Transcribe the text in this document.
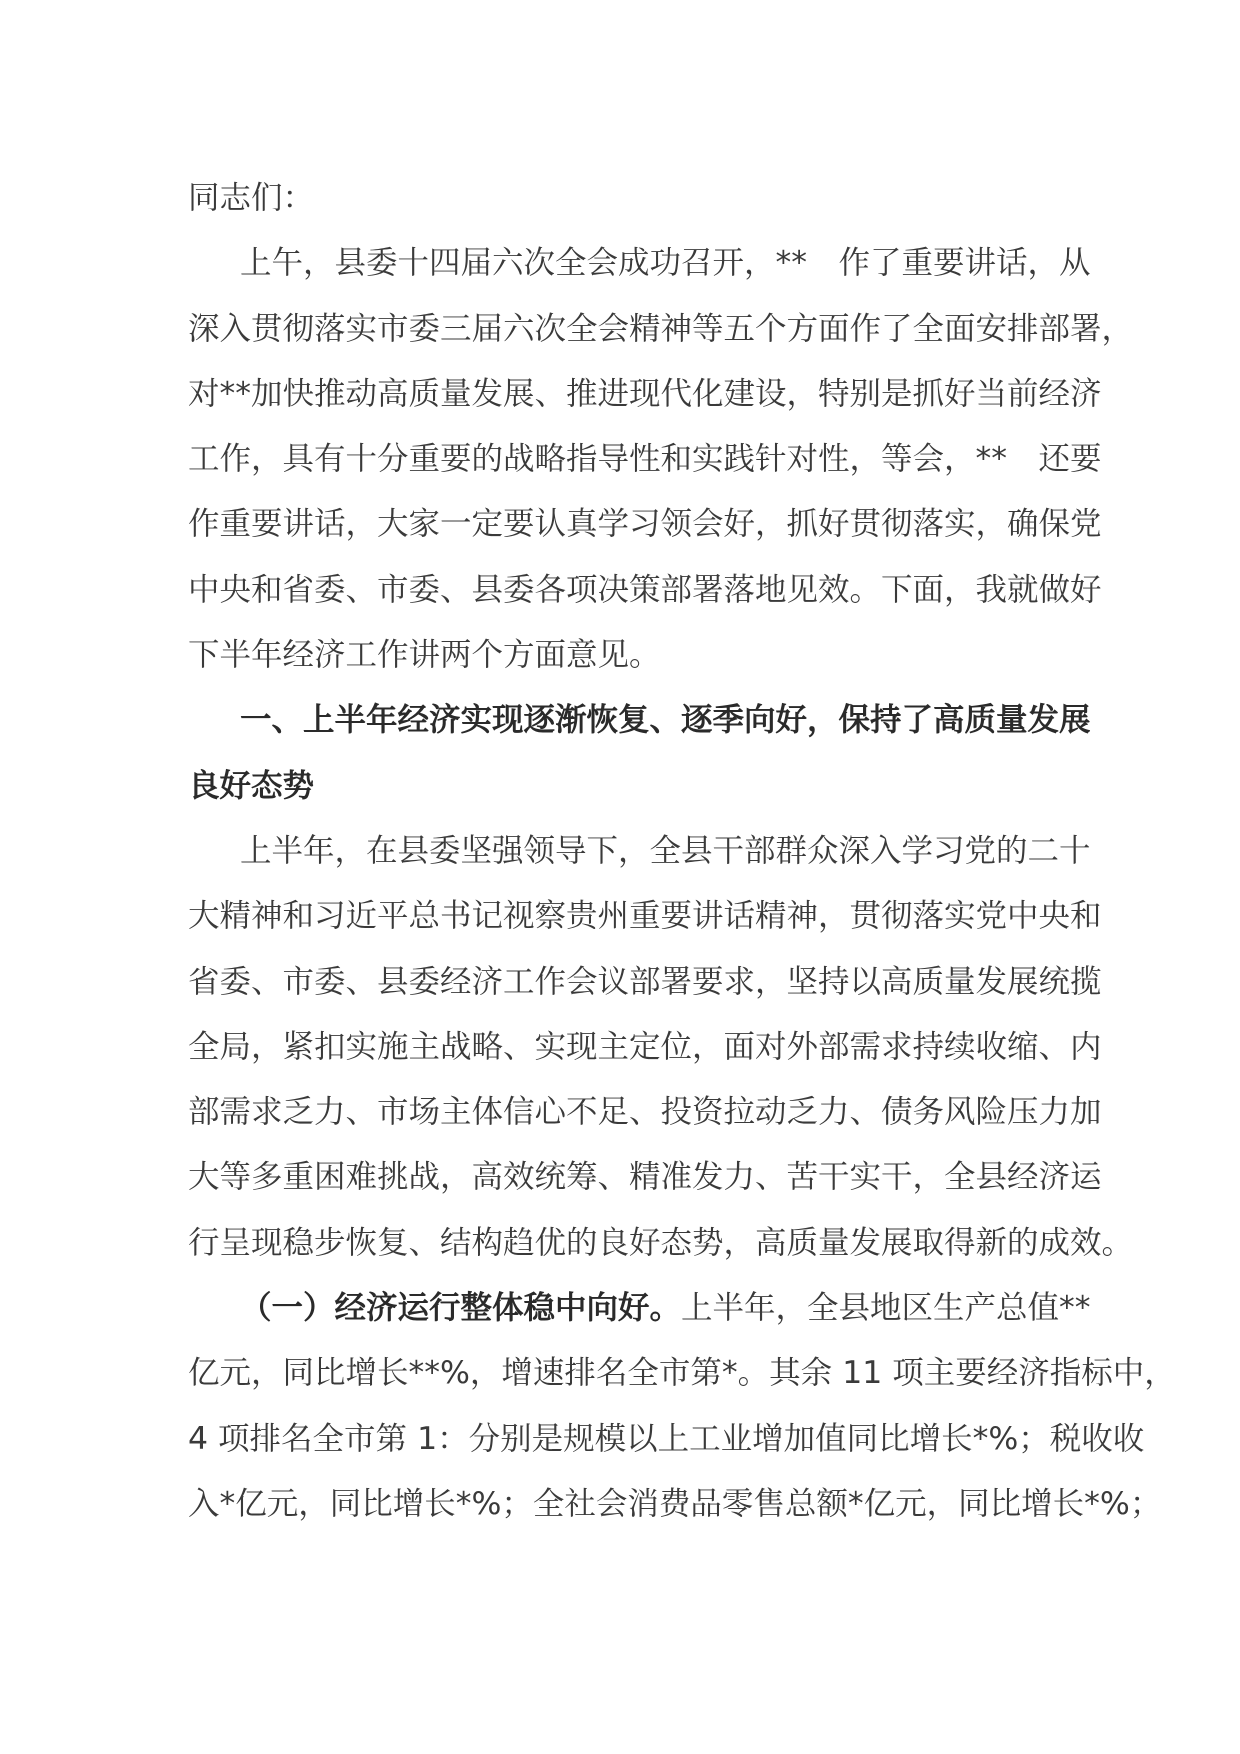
同志们：
上午，县委十四届六次全会成功召开，**　作了重要讲话，从
深入贯彻落实市委三届六次全会精神等五个方面作了全面安排部署，
对**加快推动高质量发展、推进现代化建设，特别是抓好当前经济
工作，具有十分重要的战略指导性和实践针对性，等会，**　还要
作重要讲话，大家一定要认真学习领会好，抓好贯彻落实，确保党
中央和省委、市委、县委各项决策部署落地见效。下面，我就做好
下半年经济工作讲两个方面意见。
一、上半年经济实现逐渐恢复、逐季向好，保持了高质量发展
良好态势
上半年，在县委坚强领导下，全县干部群众深入学习党的二十
大精神和习近平总书记视察贵州重要讲话精神，贯彻落实党中央和
省委、市委、县委经济工作会议部署要求，坚持以高质量发展统揽
全局，紧扣实施主战略、实现主定位，面对外部需求持续收缩、内
部需求乏力、市场主体信心不足、投资拉动乏力、债务风险压力加
大等多重困难挑战，高效统筹、精准发力、苦干实干，全县经济运
行呈现稳步恢复、结构趋优的良好态势，高质量发展取得新的成效。
（一）经济运行整体稳中向好。上半年，全县地区生产总值**
亿元，同比增长**%，增速排名全市第*。其余 11 项主要经济指标中，
4 项排名全市第 1：分别是规模以上工业增加值同比增长*%；税收收
入*亿元，同比增长*%；全社会消费品零售总额*亿元，同比增长*%；
